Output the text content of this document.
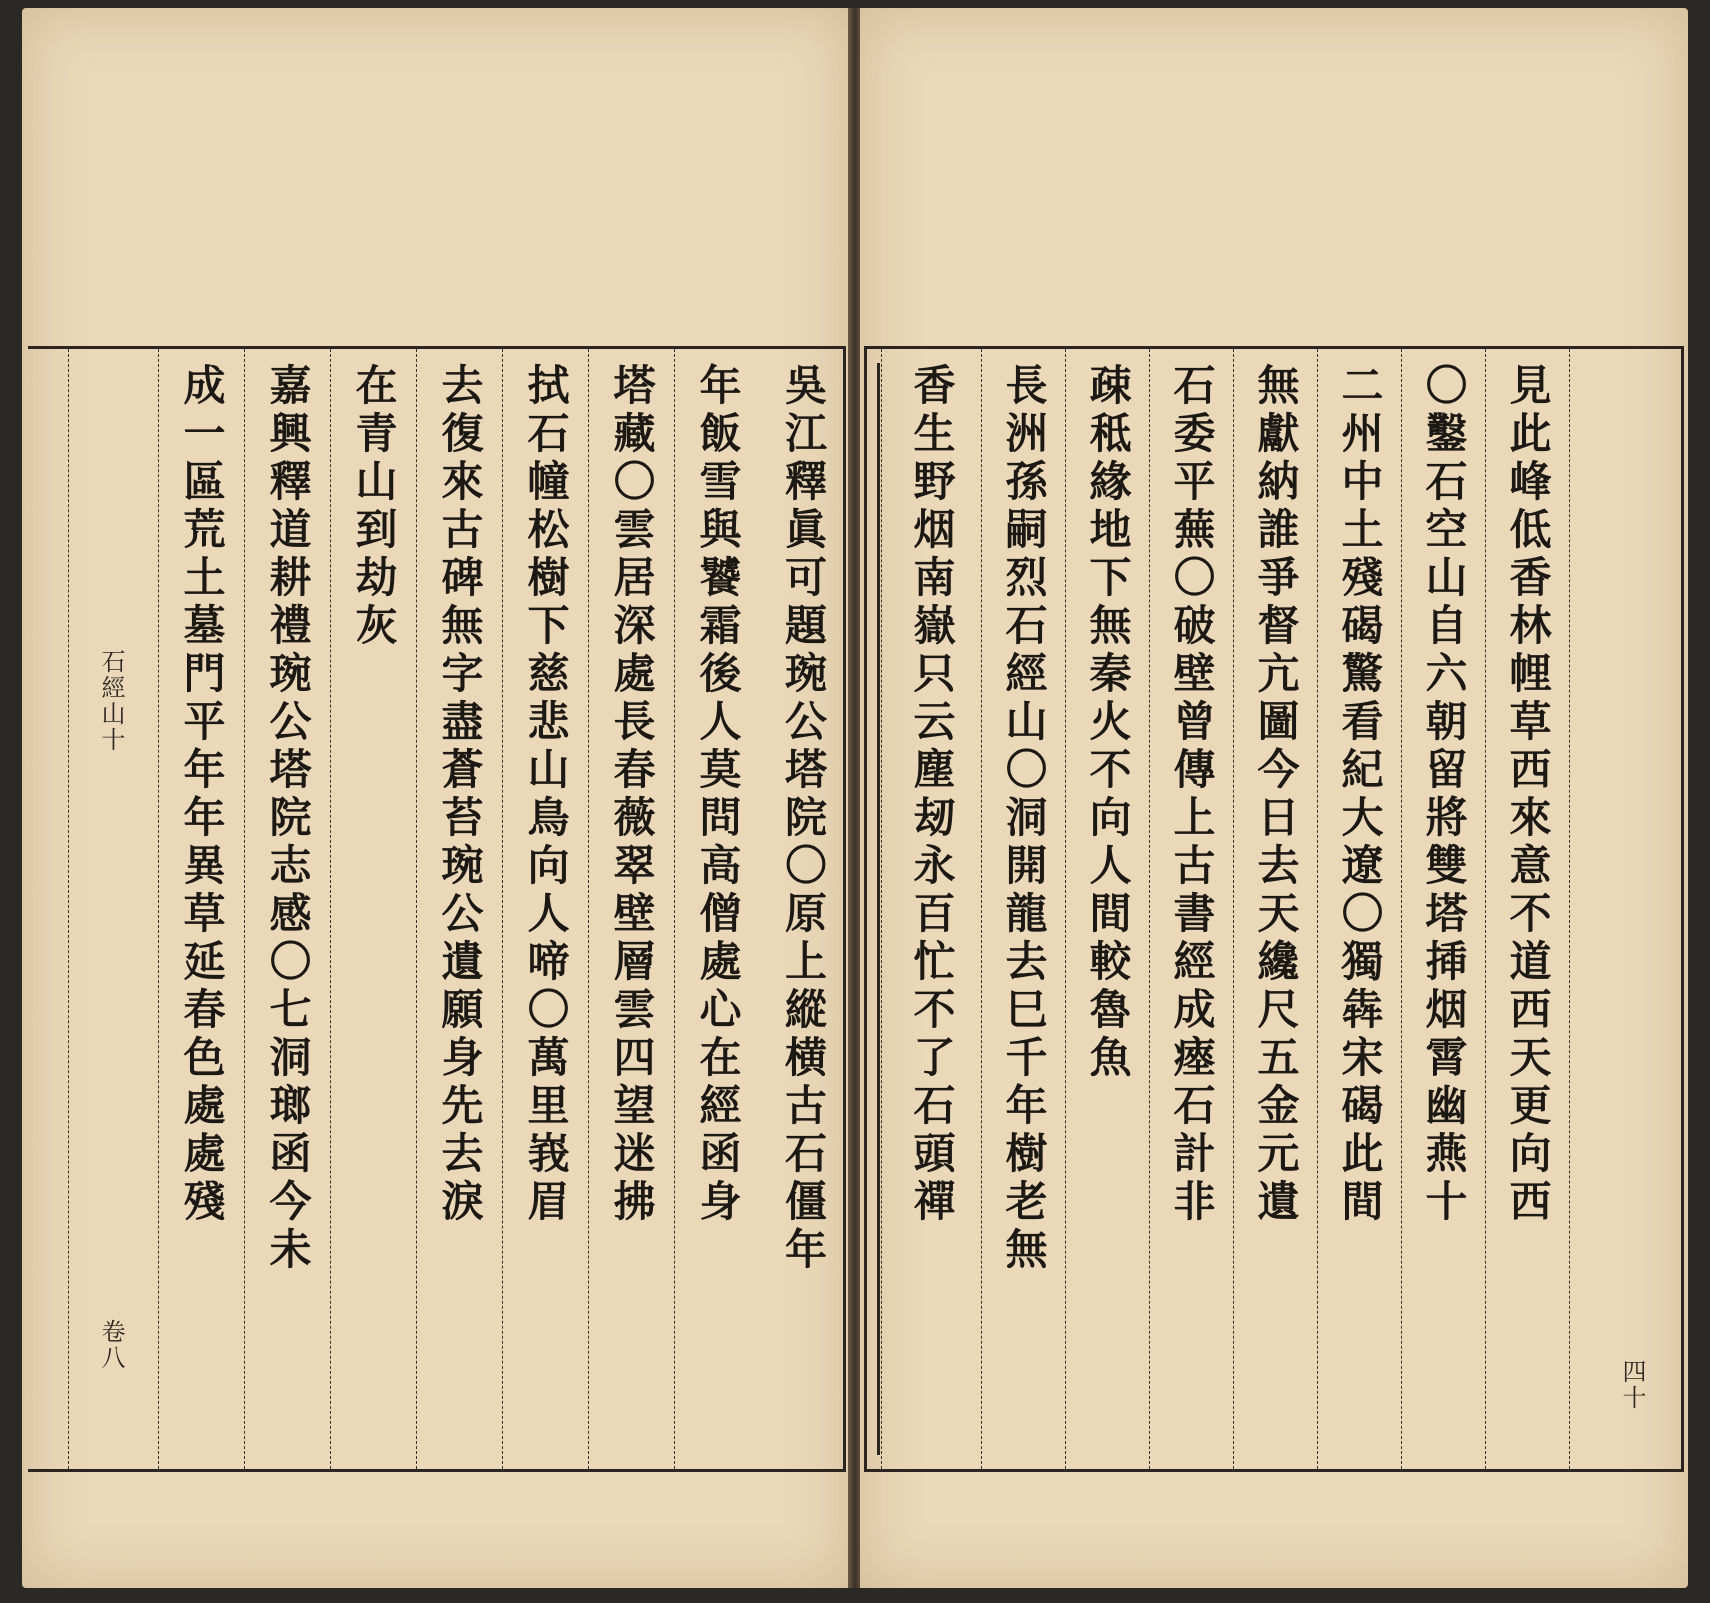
吳江釋眞可題琬公塔院〇原上縱横古石僵年
年飯雪與饕霜後人莫問高僧處心在經函身
塔藏〇雲居深處長春薇翠壁層雲四望迷拂
拭石幢松樹下慈悲山鳥向人啼〇萬里峩眉
去復來古碑無字盡蒼苔琬公遺願身先去淚
在青山到劫灰
嘉興釋道耕禮琬公塔院志感〇七洞瑯函今未
成一區荒土墓門平年年異草延春色處處殘
石經山十
卷八
見此峰低香林𢃇草西來意不道西天更向西
〇鑿石空山自六朝留將雙塔揷烟霄幽燕十
二州中土殘碣驚看紀大遼〇獨犇宋碣此間
無獻納誰爭督亢圖今日去天纔尺五金元遺
石委平蕪〇破壁曾傳上古書經成瘞石計非
疎秪緣地下無秦火不向人間較魯魚
長洲孫嗣烈石經山〇洞開龍去巳千年樹老無
香生野烟南嶽只云塵刼永百忙不了石頭禪
四十
